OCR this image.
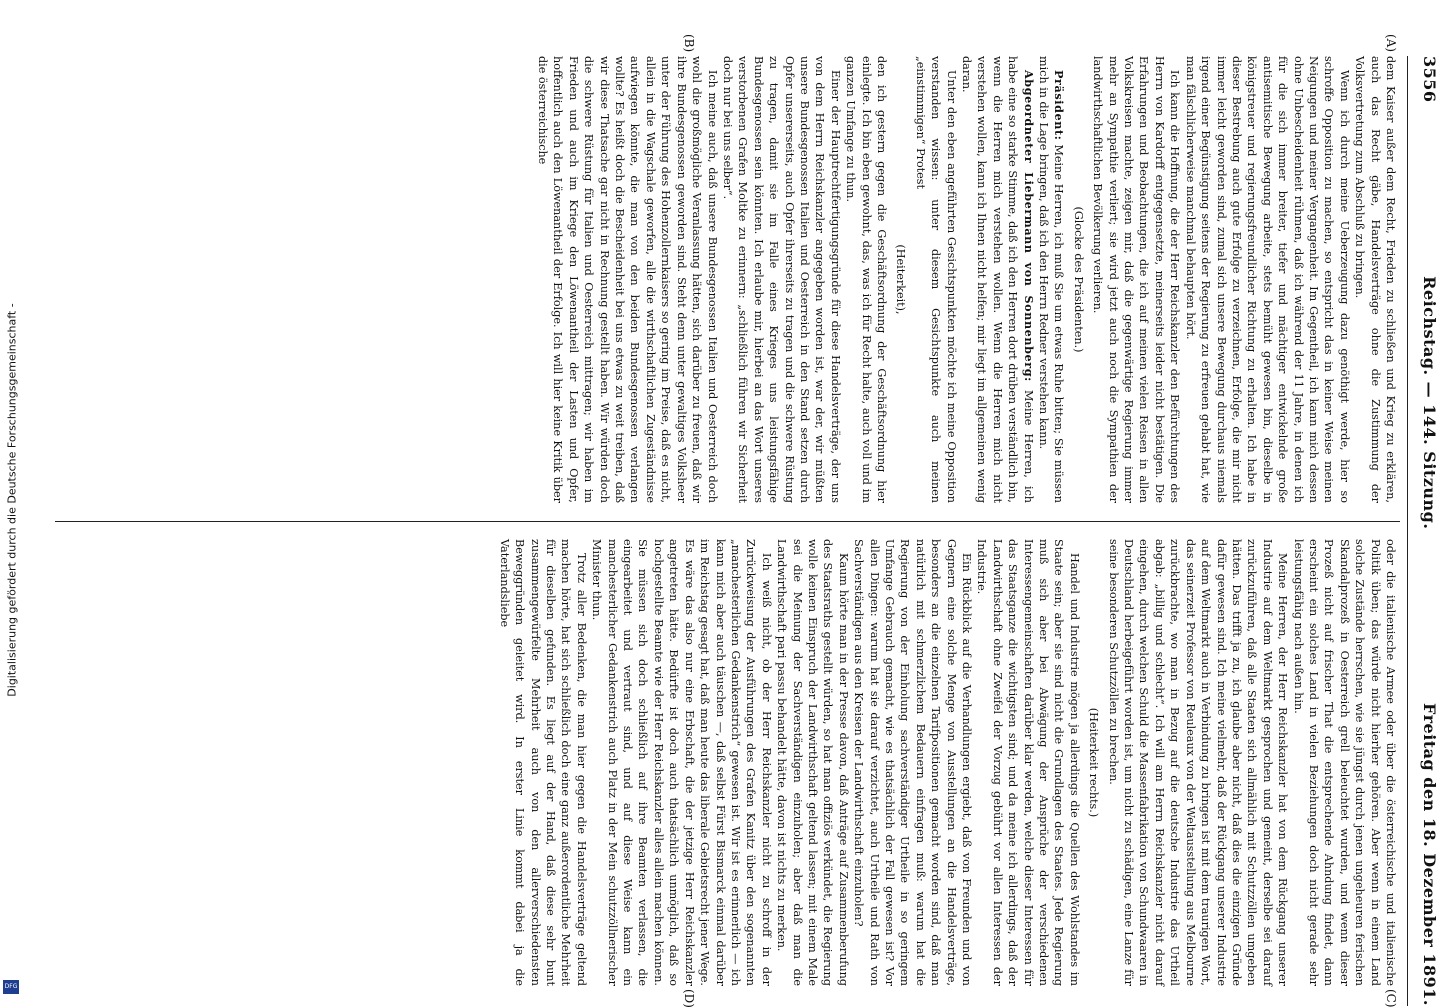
Digitalisierung gefördert durch die Deutsche Forschungsgemeinschaft -
DFG
3556
Reichstag. — 144. Sitzung.
Freitag den 18. Dezember 1891.
(A)
(B)
(C)
(D)

dem Kaiser außer dem Recht, Frieden zu schließen und Krieg zu erklären, auch das Recht gäbe, Handelsverträge ohne die Zustimmung der Volksvertretung zum Abschluß zu bringen.

Wenn ich durch meine Ueberzeugung dazu genöthigt werde, hier so schroffe Opposition zu machen, so entspricht das in keiner Weise meinen Neigungen und meiner Vergangenheit. Im Gegentheil, ich kann mich dessen ohne Unbescheidenheit rühmen, daß ich während der 11 Jahre, in denen ich für die sich immer breiter, tiefer und mächtiger entwickelnde große antisemitische Bewegung arbeite, stets bemüht gewesen bin, dieselbe in königstreuer und regierungsfreundlicher Richtung zu erhalten. Ich habe in dieser Bestrebung auch gute Erfolge zu verzeichnen, Erfolge, die mir nicht immer leicht geworden sind, zumal sich unsere Bewegung durchaus niemals irgend einer Begünstigung seitens der Regierung zu erfreuen gehabt hat, wie man fälschlicherweise manchmal behaupten hört.

Ich kann die Hoffnung, die der Herr Reichskanzler den Befürchtungen des Herrn von Kardorff entgegensetzte, meinerseits leider nicht bestätigen. Die Erfahrungen und Beobachtungen, die ich auf meinen vielen Reisen in allen Volkskreisen machte, zeigen mir, daß die gegenwärtige Regierung immer mehr an Sympathie verliert; sie wird jetzt auch noch die Sympathien der landwirthschaftlichen Bevölkerung verlieren.

(Glocke des Präsidenten.)

Präsident: Meine Herren, ich muß Sie um etwas Ruhe bitten; Sie müssen mich in die Lage bringen, daß ich den Herrn Redner verstehen kann.

Abgeordneter Liebermann von Sonnenberg: Meine Herren, ich habe eine so starke Stimme, daß ich den Herren dort drüben verständlich bin, wenn die Herren mich verstehen wollen. Wenn die Herren mich nicht verstehen wollen, kann ich Ihnen nicht helfen; mir liegt im allgemeinen wenig daran.

Unter den eben angeführten Gesichtspunkten möchte ich meine Opposition verstanden wissen: unter diesem Gesichtspunkte auch meinen „einstimmigen“ Protest

(Heiterkeit),

den ich gestern gegen die Geschäftsordnung der Geschäftsordnung hier einlegte. Ich bin eben gewohnt, das, was ich für Recht halte, auch voll und im ganzen Umfange zu thun.

Einer der Hauptrechtfertigungsgründe für diese Handelsverträge, der uns von dem Herrn Reichskanzler angegeben worden ist, war der, wir müßten unsere Bundesgenossen Italien und Oesterreich in den Stand setzen durch Opfer unsererseits, auch Opfer ihrerseits zu tragen und die schwere Rüstung zu tragen, damit sie im Falle eines Krieges uns leistungsfähige Bundesgenossen sein könnten. Ich erlaube mir, hierbei an das Wort unseres verstorbenen Grafen Moltke zu erinnern: „schließlich führen wir Sicherheit doch nur bei uns selber“.

Ich meine auch, daß unsere Bundesgenossen Italien und Oesterreich doch wohl die großmögliche Veranlassung hätten, sich darüber zu freuen, daß wir ihre Bundesgenossen geworden sind. Steht denn unter gewaltiges Volksheer unter der Führung des Hohenzollernkaisers so gering im Preise, daß es nicht, allein in die Wagschale geworfen, alle die wirthschaftlichen Zugeständnisse aufwiegen könnte, die man von den beiden Bundesgenossen verlangen wollte? Es heißt doch die Bescheidenheit bei uns etwas zu weit treiben, daß wir diese Thatsache gar nicht in Rechnung gestellt haben. Wir würden doch die schwere Rüstung für Italien und Oesterreich mittragen; wir haben im Frieden und auch im Kriege den Löwenantheil der Lasten und Opfer, hoffentlich auch den Löwenantheil der Erfolge. Ich will hier keine Kritik über die österreichische

oder die italienische Armee oder über die österreichische und italienische Politik üben; das würde nicht hierher gehören. Aber wenn in einem Land solche Zustände herrschen, wie sie jüngst durch jenen ungeheuren ferischen Skandalprozeß in Oesterreich grell beleuchtet wurden, und wenn dieser Prozeß nicht auf frischer That die entsprechende Ahndung findet, dann erscheint ein solches Land in vielen Beziehungen doch nicht gerade sehr leistungsfähig nach außen hin.

Meine Herren, der Herr Reichskanzler hat von dem Rückgang unserer Industrie auf dem Weltmarkt gesprochen und gemeint, derselbe sei darauf zurückzuführen, daß alle Staaten sich allmählich mit Schutzzöllen umgeben hätten. Das trifft ja zu, ich glaube aber nicht, daß dies die einzigen Gründe dafür gewesen sind. Ich meine vielmehr, daß der Rückgang unserer Industrie auf dem Weltmarkt auch in Verbindung zu bringen ist mit dem traurigen Wort, das seinerzeit Professor von Reuleaux von der Weltausstellung aus Melbourne zurückbrachte, wo man in Bezug auf die deutsche Industrie das Urtheil abgab: „billig und schlecht“. Ich will am Herrn Reichskanzler nicht darauf eingehen, durch welchen Schuld die Massenfabrikation von Schundwaaren in Deutschland herbeigeführt worden ist, um nicht zu schädigen, eine Lanze für seine besonderen Schutzzöllen zu brechen.

(Heiterkeit rechts.)

Handel und Industrie mögen ja allerdings die Quellen des Wohlstandes im Staate sein; aber sie sind nicht die Grundlagen des Staates. Jede Regierung muß sich aber bei Abwägung der Ansprüche der verschiedenen Interessengemeinschaften darüber klar werden, welche dieser Interessen für das Staatsganze die wichtigsten sind; und da meine ich allerdings, daß der Landwirthschaft ohne Zweifel der Vorzug gebührt vor allen Interessen der Industrie.

Ein Rückblick auf die Verhandlungen ergiebt, daß von Freunden und von Gegnern eine solche Menge von Ausstellungen an die Handelsverträge, besonders an die einzelnen Tarifpositionen gemacht worden sind, daß man natürlich mit schmerzlichem Bedauern einfragen muß: warum hat die Regierung von der Einholung sachverständiger Urtheile in so geringem Umfange Gebrauch gemacht, wie es thatsächlich der Fall gewesen ist? Vor allen Dingen: warum hat sie darauf verzichtet, auch Urtheile und Rath von Sachverständigen aus den Kreisen der Landwirthschaft einzuholen?

Kaum hörte man in der Presse davon, daß Anträge auf Zusammenberufung des Staatsraths gestellt würden, so hat man offiziös verkündet, die Regierung wolle keinen Einspruch der Landwirthschaft geltend lassen; mit einem Male sei die Meinung der Sachverständigen einzuholen; aber daß man die Landwirthschaft pari passu behandelt hätte, davon ist nichts zu merken.

Ich weiß nicht, ob der Herr Reichskanzler nicht zu schroff in der Zurückweisung der Ausführungen des Grafen Kanitz über den sogenannten „manchesterlichen Gedankenstrich“ gewesen ist. Wir ist es erinnerlich — ich kann mich aber auch täuschen —, daß selbst Fürst Bismarck einmal darüber im Reichstag gesagt hat, daß man heute das liberale Gebietsrecht jener Wege. Es wäre das also nur eine Erbschaft, die der jetzige Herr Reichskanzler angetreten hätte. Bedürfte ist doch auch thatsächlich unmöglich, daß so hochgestellte Beamte wie der Herr Reichskanzler alles allein machen können. Sie müssen sich doch schließlich auf ihre Beamten verlassen, die eingearbeitet und vertraut sind, und auf diese Weise kann ein manchesterlicher Gedankenstrich auch Platz in der Mein schutzzöllnerischer Minister thun.

Trotz aller Bedenken, die man hier gegen die Handelsverträge geltend machen hörte, hat sich schließlich doch eine ganz außerordentliche Mehrheit für dieselben gefunden. Es liegt auf der Hand, daß diese sehr bunt zusammengewürfelte Mehrheit auch von den allerverschiedensten Beweggründen geleitet wird. In erster Linie kommt dabei ja die Vaterlandsliebe
